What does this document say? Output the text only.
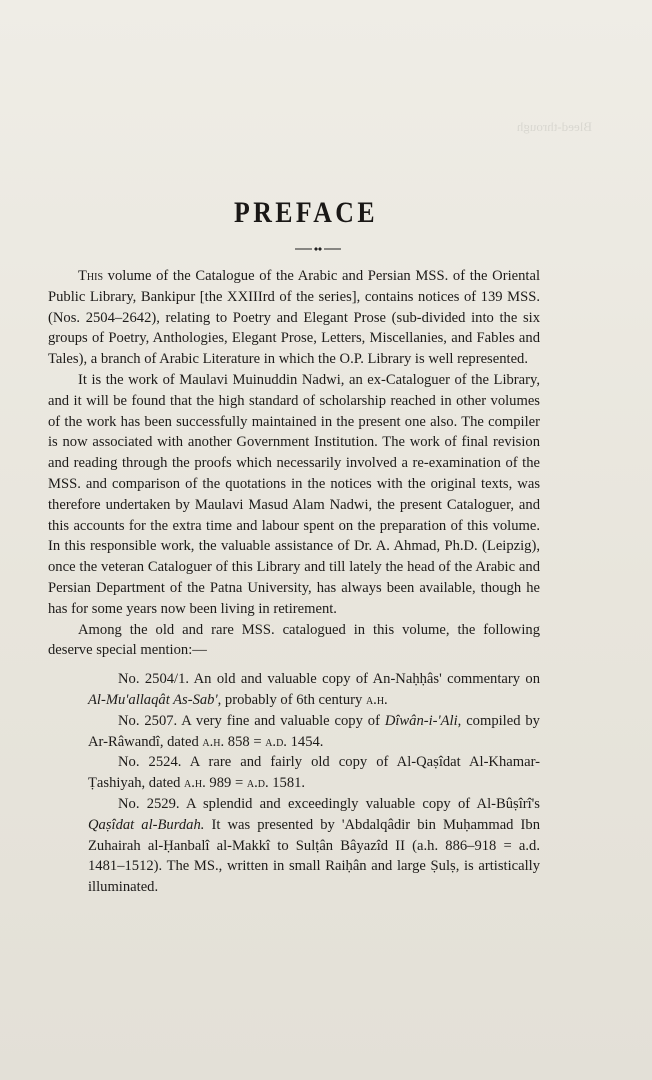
Bleed-through
PREFACE

This volume of the Catalogue of the Arabic and Persian MSS. of the Oriental Public Library, Bankipur [the XXIIIrd of the series], contains notices of 139 MSS. (Nos. 2504–2642), relating to Poetry and Elegant Prose (sub-divided into the six groups of Poetry, Anthologies, Elegant Prose, Letters, Miscellanies, and Fables and Tales), a branch of Arabic Literature in which the O.P. Library is well represented.

It is the work of Maulavi Muinuddin Nadwi, an ex-Cataloguer of the Library, and it will be found that the high standard of scholarship reached in other volumes of the work has been successfully maintained in the present one also. The compiler is now associated with another Government Institution. The work of final revision and reading through the proofs which necessarily involved a re-examination of the MSS. and comparison of the quotations in the notices with the original texts, was therefore undertaken by Maulavi Masud Alam Nadwi, the present Cataloguer, and this accounts for the extra time and labour spent on the preparation of this volume. In this responsible work, the valuable assistance of Dr. A. Ahmad, Ph.D. (Leipzig), once the veteran Cataloguer of this Library and till lately the head of the Arabic and Persian Department of the Patna University, has always been available, though he has for some years now been living in retirement.

Among the old and rare MSS. catalogued in this volume, the following deserve special mention:—

No. 2504/1. An old and valuable copy of An-Naḥḥâs' commentary on Al-Mu'allaqât As-Sab', probably of 6th century a.h.

No. 2507. A very fine and valuable copy of Dîwân-i-'Ali, compiled by Ar-Râwandî, dated a.h. 858 = a.d. 1454.

No. 2524. A rare and fairly old copy of Al-Qaṣîdat Al-Khamar-Ṭashiyah, dated a.h. 989 = a.d. 1581.

No. 2529. A splendid and exceedingly valuable copy of Al-Bûṣîrî's Qaṣîdat al-Burdah. It was presented by 'Abdalqâdir bin Muḥammad Ibn Zuhairah al-Ḥanbalî al-Makkî to Sulṭân Bâyazîd II (a.h. 886–918 = a.d. 1481–1512). The MS., written in small Raiḥân and large Ṣulṣ, is artistically illuminated.
